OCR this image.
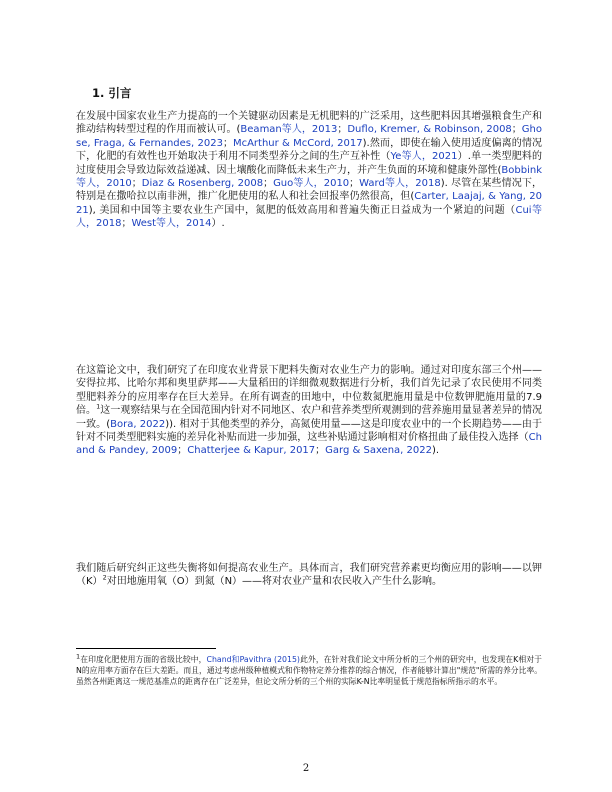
1. 引言

在发展中国家农业生产力提高的一个关键驱动因素是无机肥料的广泛采用，这些肥料因其增强粮食生产和推动结构转型过程的作用而被认可。(Beaman等人，2013；Duflo, Kremer, & Robinson, 2008；Ghose, Fraga, & Fernandes, 2023；McArthur & McCord, 2017).然而，即使在输入使用适度偏离的情况下，化肥的有效性也开始取决于利用不同类型养分之间的生产互补性（Ye等人，2021）.单一类型肥料的过度使用会导致边际效益递减、因土壤酸化而降低未来生产力，并产生负面的环境和健康外部性(Bobbink等人，2010；Diaz & Rosenberg, 2008；Guo等人，2010；Ward等人，2018). 尽管在某些情况下，特别是在撒哈拉以南非洲，推广化肥使用的私人和社会回报率仍然很高，但(Carter, Laajaj, & Yang, 2021), 美国和中国等主要农业生产国中，氮肥的低效高用和普遍失衡正日益成为一个紧迫的问题（Cui等人，2018；West等人，2014）.

在这篇论文中，我们研究了在印度农业背景下肥料失衡对农业生产力的影响。通过对印度东部三个州——安得拉邦、比哈尔邦和奥里萨邦——大量稻田的详细微观数据进行分析，我们首先记录了农民使用不同类型肥料养分的应用率存在巨大差异。在所有调查的田地中，中位数氮肥施用量是中位数钾肥施用量的7.9倍。$^1$这一观察结果与在全国范围内针对不同地区、农户和营养类型所观测到的营养施用量显著差异的情况一致。(Bora, 2022)). 相对于其他类型的养分，高氮使用量——这是印度农业中的一个长期趋势——由于针对不同类型肥料实施的差异化补贴而进一步加强，这些补贴通过影响相对价格扭曲了最佳投入选择（Chand & Pandey, 2009；Chatterjee & Kapur, 2017；Garg & Saxena, 2022).

我们随后研究纠正这些失衡将如何提高农业生产。具体而言，我们研究营养素更均衡应用的影响——以钾$(K)^2$对田地施用氧（O）到氮（N）——将对农业产量和农民收入产生什么影响。

$^1$在印度化肥使用方面的省级比较中，Chand和Pavithra (2015)此外，在针对我们论文中所分析的三个州的研究中，也发现在K相对于N的应用率方面存在巨大差距。而且，通过考虑州级种植模式和作物特定养分推荐的综合情况，作者能够计算出"规范"所需的养分比率。虽然各州距离这一规范基准点的距离存在广泛差异，但论文所分析的三个州的实际K-N比率明显低于规范指标所指示的水平。

2
